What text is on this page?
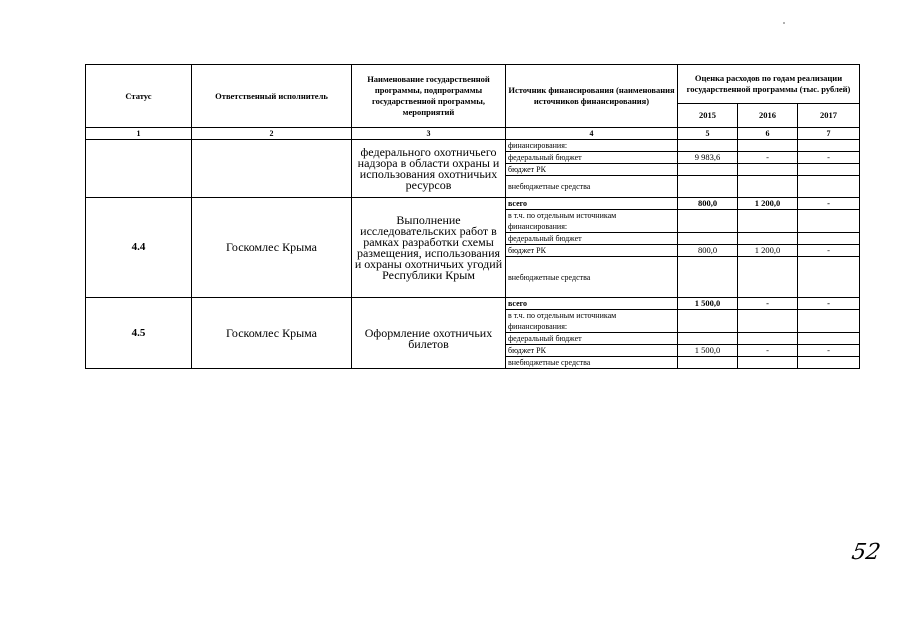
Статус	Ответственный исполнитель	Наименование государственной программы, подпрограммы государственной программы, мероприятий	Источник финансирования (наименования источников финансирования)	Оценка расходов по годам реализации государственной программы (тыс. рублей)		
				2015	2016	2017
1	2	3	4	5	6	7
		федерального охотничьего надзора в области охраны и использования охотничьих ресурсов	финансирования:			
			федеральный бюджет	9 983,6	-	-
			бюджет РК			
			внебюджетные средства			
4.4	Госкомлес Крыма	Выполнение исследовательских работ в рамках разработки схемы размещения, использования и охраны охотничьих угодий Республики Крым	всего	800,0	1 200,0	-
			в т.ч. по отдельным источникам финансирования:			
			федеральный бюджет			
			бюджет РК	800,0	1 200,0	-
			внебюджетные средства			
4.5	Госкомлес Крыма	Оформление охотничьих билетов	всего	1 500,0	-	-
			в т.ч. по отдельным источникам финансирования:			
			федеральный бюджет			
			бюджет РК	1 500,0	-	-
			внебюджетные средства			
52
